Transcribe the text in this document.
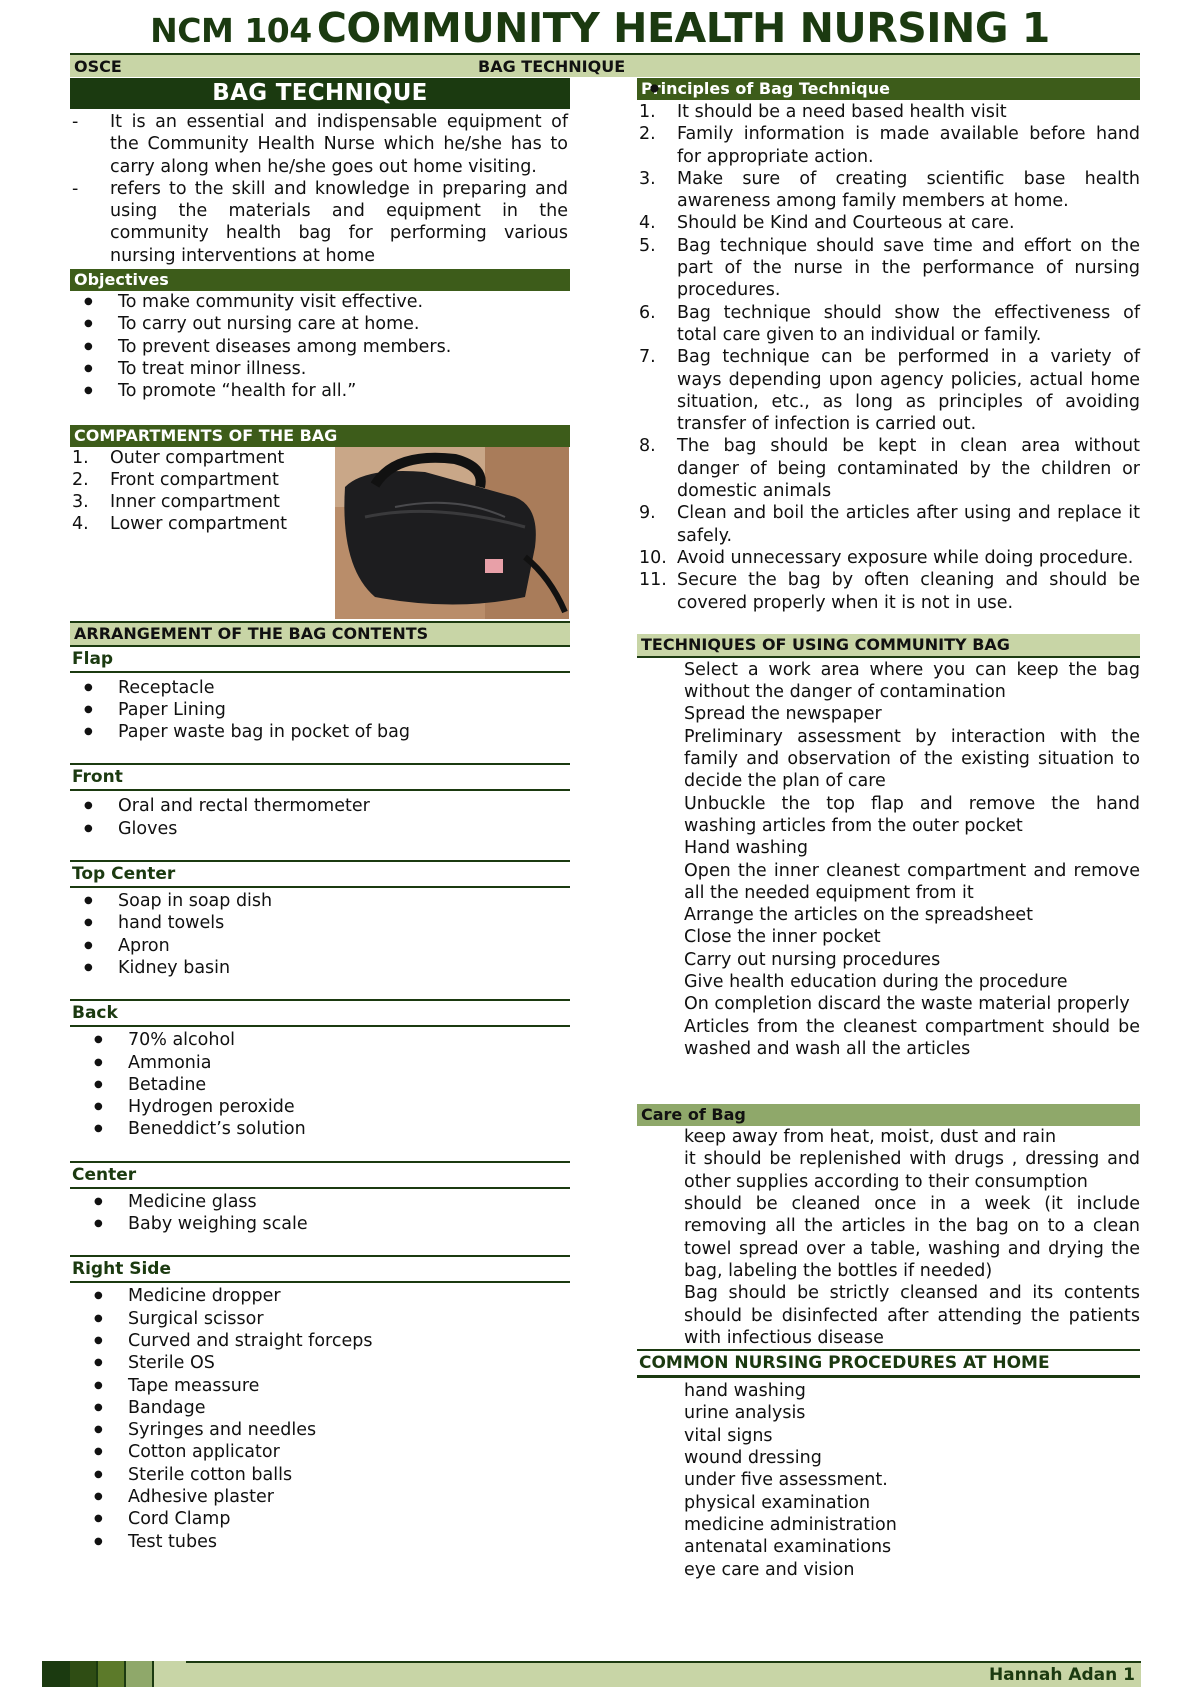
NCM 104 COMMUNITY HEALTH NURSING 1
OSCE	BAG TECHNIQUE
BAG TECHNIQUE
- It is an essential and indispensable equipment of the Community Health Nurse which he/she has to carry along when he/she goes out home visiting.
- refers to the skill and knowledge in preparing and using the materials and equipment in the community health bag for performing various nursing interventions at home
Objectives
● To make community visit effective.
● To carry out nursing care at home.
● To prevent diseases among members.
● To treat minor illness.
● To promote “health for all.”
COMPARTMENTS OF THE BAG
1. Outer compartment
2. Front compartment
3. Inner compartment
4. Lower compartment
ARRANGEMENT OF THE BAG CONTENTS
Flap
● Receptacle
● Paper Lining
● Paper waste bag in pocket of bag
Front
● Oral and rectal thermometer
● Gloves
Top Center
● Soap in soap dish
● hand towels
● Apron
● Kidney basin
Back
● 70% alcohol
● Ammonia
● Betadine
● Hydrogen peroxide
● Beneddict’s solution
Center
● Medicine glass
● Baby weighing scale
Right Side
● Medicine dropper
● Surgical scissor
● Curved and straight forceps
● Sterile OS
● Tape meassure
● Bandage
● Syringes and needles
● Cotton applicator
● Sterile cotton balls
● Adhesive plaster
● Cord Clamp
● Test tubes
Principles of Bag Technique
1. It should be a need based health visit
2. Family information is made available before hand for appropriate action.
3. Make sure of creating scientific base health awareness among family members at home.
4. Should be Kind and Courteous at care.
5. Bag technique should save time and effort on the part of the nurse in the performance of nursing procedures.
6. Bag technique should show the effectiveness of total care given to an individual or family.
7. Bag technique can be performed in a variety of ways depending upon agency policies, actual home situation, etc., as long as principles of avoiding transfer of infection is carried out.
8. The bag should be kept in clean area without danger of being contaminated by the children or domestic animals
9. Clean and boil the articles after using and replace it safely.
10. Avoid unnecessary exposure while doing procedure.
11. Secure the bag by often cleaning and should be covered properly when it is not in use.
TECHNIQUES OF USING COMMUNITY BAG
● Select a work area where you can keep the bag without the danger of contamination
● Spread the newspaper
● Preliminary assessment by interaction with the family and observation of the existing situation to decide the plan of care
● Unbuckle the top flap and remove the hand washing articles from the outer pocket
● Hand washing
● Open the inner cleanest compartment and remove all the needed equipment from it
● Arrange the articles on the spreadsheet
● Close the inner pocket
● Carry out nursing procedures
● Give health education during the procedure
● On completion discard the waste material properly
● Articles from the cleanest compartment should be washed and wash all the articles
Care of Bag
● keep away from heat, moist, dust and rain
● it should be replenished with drugs , dressing and other supplies according to their consumption
● should be cleaned once in a week (it include removing all the articles in the bag on to a clean towel spread over a table, washing and drying the bag, labeling the bottles if needed)
● Bag should be strictly cleansed and its contents should be disinfected after attending the patients with infectious disease
COMMON NURSING PROCEDURES AT HOME
● hand washing
● urine analysis
● vital signs
● wound dressing
● under five assessment.
● physical examination
● medicine administration
● antenatal examinations
● eye care and vision
Hannah Adan 1
